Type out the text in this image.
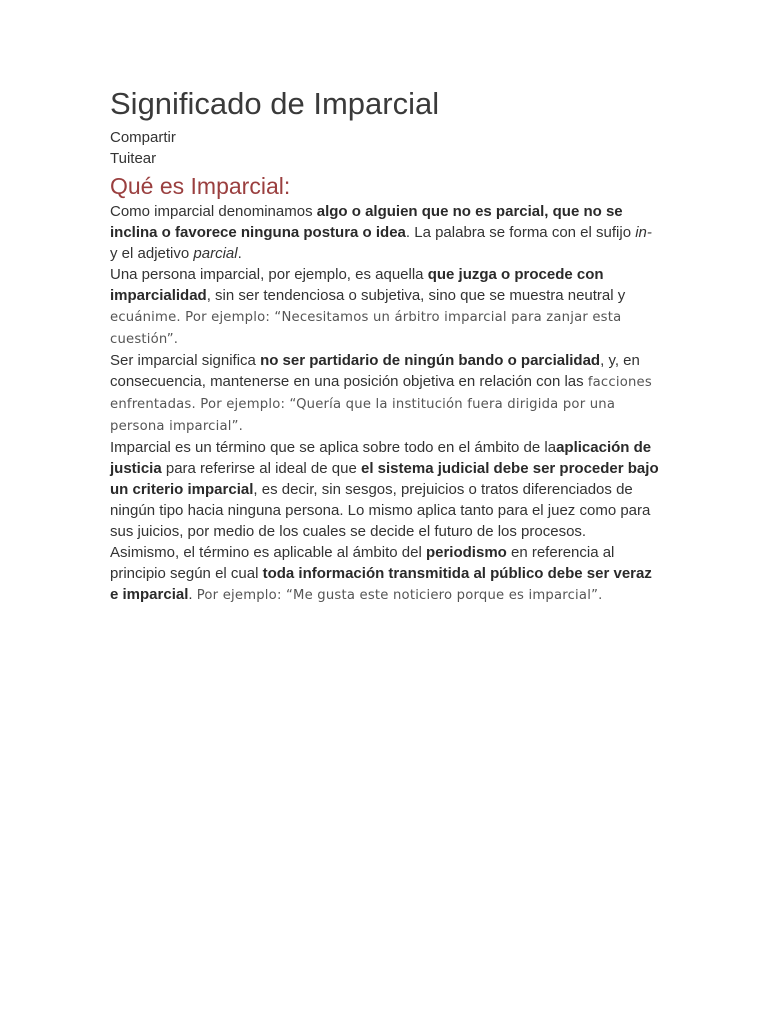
Significado de Imparcial
Compartir
Tuitear
Qué es Imparcial:

Como imparcial denominamos algo o alguien que no es parcial, que no se inclina o favorece ninguna postura o idea. La palabra se forma con el sufijo in- y el adjetivo parcial.

Una persona imparcial, por ejemplo, es aquella que juzga o procede con imparcialidad, sin ser tendenciosa o subjetiva, sino que se muestra neutral y ecuánime. Por ejemplo: “Necesitamos un árbitro imparcial para zanjar esta cuestión”.

Ser imparcial significa no ser partidario de ningún bando o parcialidad, y, en consecuencia, mantenerse en una posición objetiva en relación con las facciones enfrentadas. Por ejemplo: “Quería que la institución fuera dirigida por una persona imparcial”.

Imparcial es un término que se aplica sobre todo en el ámbito de laaplicación de justicia para referirse al ideal de que el sistema judicial debe ser proceder bajo un criterio imparcial, es decir, sin sesgos, prejuicios o tratos diferenciados de ningún tipo hacia ninguna persona. Lo mismo aplica tanto para el juez como para sus juicios, por medio de los cuales se decide el futuro de los procesos.

Asimismo, el término es aplicable al ámbito del periodismo en referencia al principio según el cual toda información transmitida al público debe ser veraz e imparcial. Por ejemplo: “Me gusta este noticiero porque es imparcial”.
